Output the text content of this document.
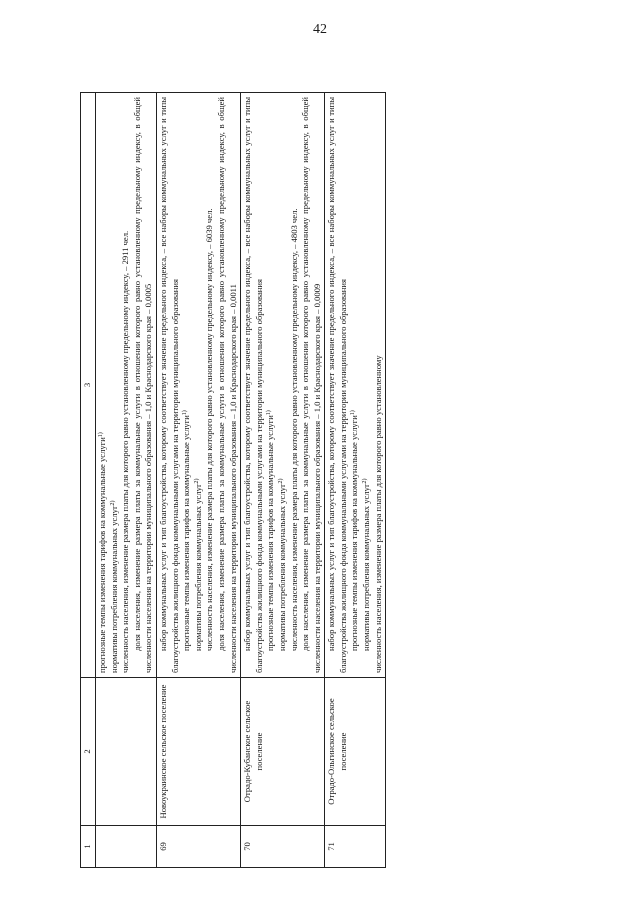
42
1	2	3

		прогнозные темпы изменения тарифов на коммунальные услуги$^{1)}$

нормативы потребления коммунальных услуг$^{2)}$ численность населения, изменение размера платы для которого равно установленному предельному индексу, – 2911 чел. доля населения, изменение размера платы за коммунальные услуги в отношении которого равно установленному предельному индексу, в общей численности населения на территории муниципального образования – 1,0 и Краснодарского края – 0,0005

69	Новоукраинское сельское поселение	набор коммунальных услуг и тип благоустройства, которому соответствует значение предельного индекса, – все наборы коммунальных услуг и типы благоустройства жилищного фонда коммунальными услугами на территории муниципального образования прогнозные темпы изменения тарифов на коммунальные услуги$^{1)}$

нормативы потребления коммунальных услуг$^{2)}$ численность населения, изменение размера платы для которого равно установленному предельному индексу, – 6039 чел. доля населения, изменение размера платы за коммунальные услуги в отношении которого равно установленному предельному индексу, в общей численности населения на территории муниципального образования – 1,0 и Краснодарского края – 0,0011

70	Отрадо-Кубанское сельское поселение	набор коммунальных услуг и тип благоустройства, которому соответствует значение предельного индекса, – все наборы коммунальных услуг и типы благоустройства жилищного фонда коммунальными услугами на территории муниципального образования прогнозные темпы изменения тарифов на коммунальные услуги$^{1)}$

нормативы потребления коммунальных услуг$^{2)}$ численность населения, изменение размера платы для которого равно установленному предельному индексу, – 4803 чел. доля населения, изменение размера платы за коммунальные услуги в отношении которого равно установленному предельному индексу, в общей численности населения на территории муниципального образования – 1,0 и Краснодарского края – 0,0009

71	Отрадо-Ольгинское сельское поселение	набор коммунальных услуг и тип благоустройства, которому соответствует значение предельного индекса, – все наборы коммунальных услуг и типы благоустройства жилищного фонда коммунальными услугами на территории муниципального образования прогнозные темпы изменения тарифов на коммунальные услуги$^{1)}$

нормативы потребления коммунальных услуг$^{2)}$ численность населения, изменение размера платы для которого равно установленному
